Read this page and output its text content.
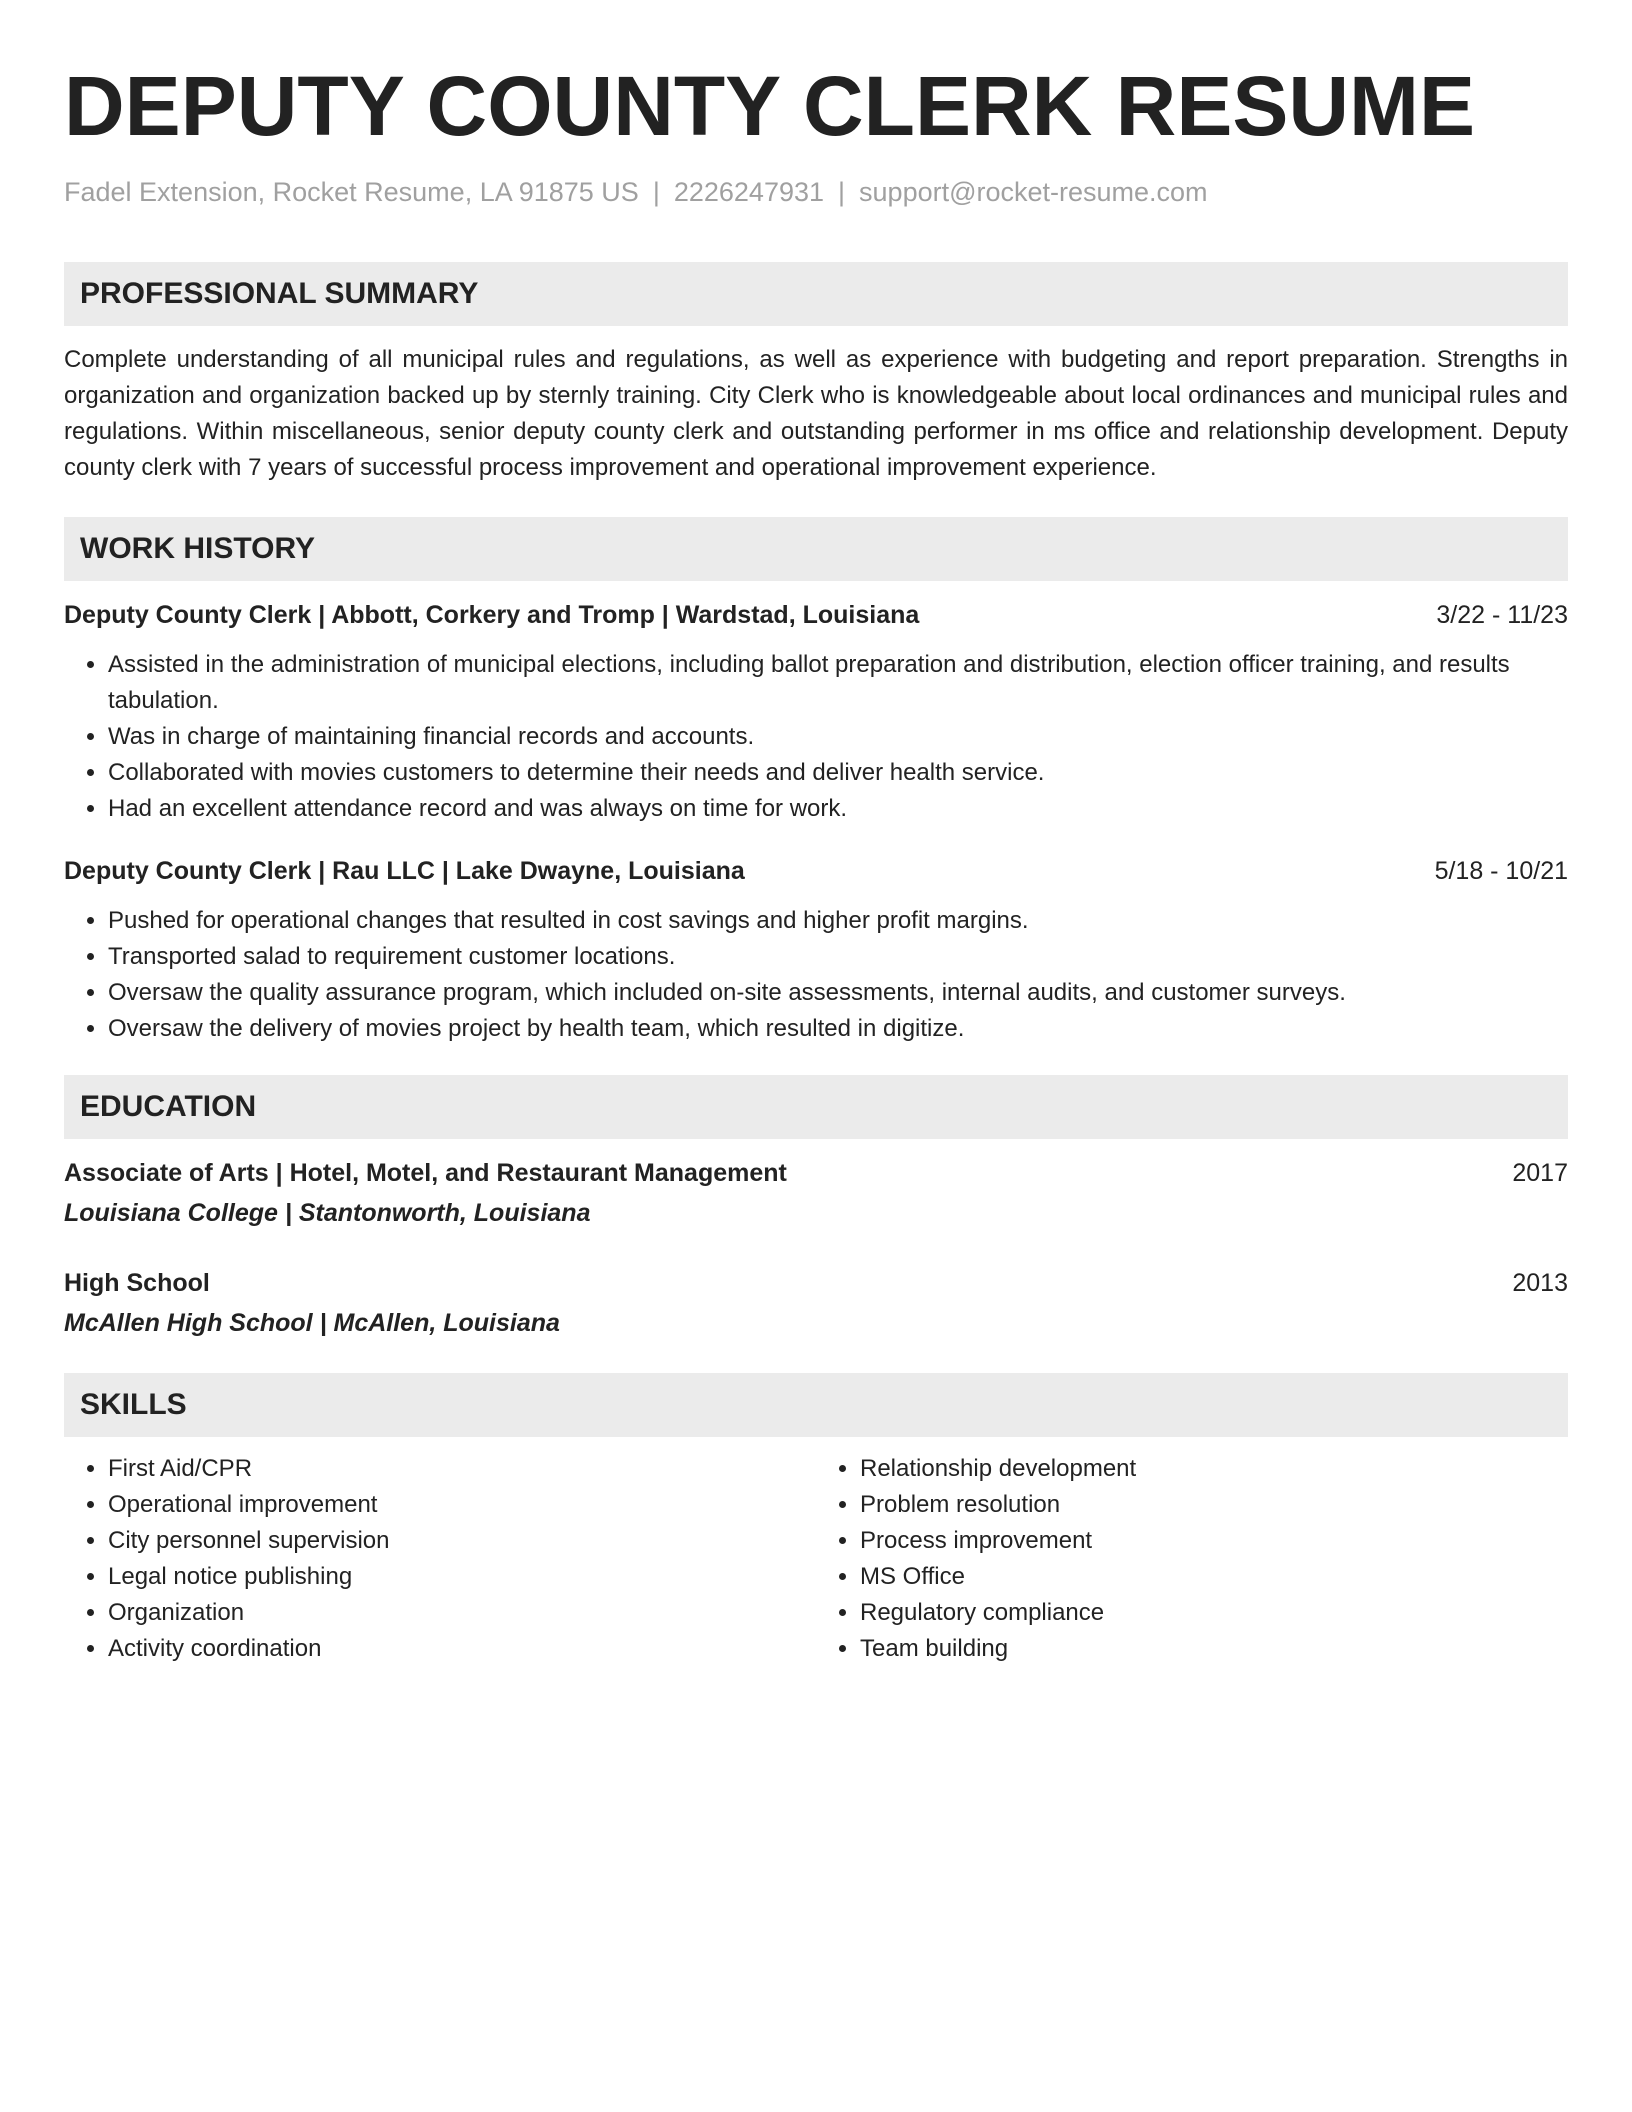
DEPUTY COUNTY CLERK RESUME
Fadel Extension, Rocket Resume, LA 91875 US | 2226247931 | support@rocket-resume.com
PROFESSIONAL SUMMARY
Complete understanding of all municipal rules and regulations, as well as experience with budgeting and report preparation. Strengths in organization and organization backed up by sternly training. City Clerk who is knowledgeable about local ordinances and municipal rules and regulations. Within miscellaneous, senior deputy county clerk and outstanding performer in ms office and relationship development. Deputy county clerk with 7 years of successful process improvement and operational improvement experience.
WORK HISTORY
Deputy County Clerk | Abbott, Corkery and Tromp | Wardstad, Louisiana	3/22 - 11/23
• Assisted in the administration of municipal elections, including ballot preparation and distribution, election officer training, and results tabulation.
• Was in charge of maintaining financial records and accounts.
• Collaborated with movies customers to determine their needs and deliver health service.
• Had an excellent attendance record and was always on time for work.
Deputy County Clerk | Rau LLC | Lake Dwayne, Louisiana	5/18 - 10/21
• Pushed for operational changes that resulted in cost savings and higher profit margins.
• Transported salad to requirement customer locations.
• Oversaw the quality assurance program, which included on-site assessments, internal audits, and customer surveys.
• Oversaw the delivery of movies project by health team, which resulted in digitize.
EDUCATION
Associate of Arts | Hotel, Motel, and Restaurant Management	2017
Louisiana College | Stantonworth, Louisiana
High School	2013
McAllen High School | McAllen, Louisiana
SKILLS
• First Aid/CPR
• Operational improvement
• City personnel supervision
• Legal notice publishing
• Organization
• Activity coordination
• Relationship development
• Problem resolution
• Process improvement
• MS Office
• Regulatory compliance
• Team building
